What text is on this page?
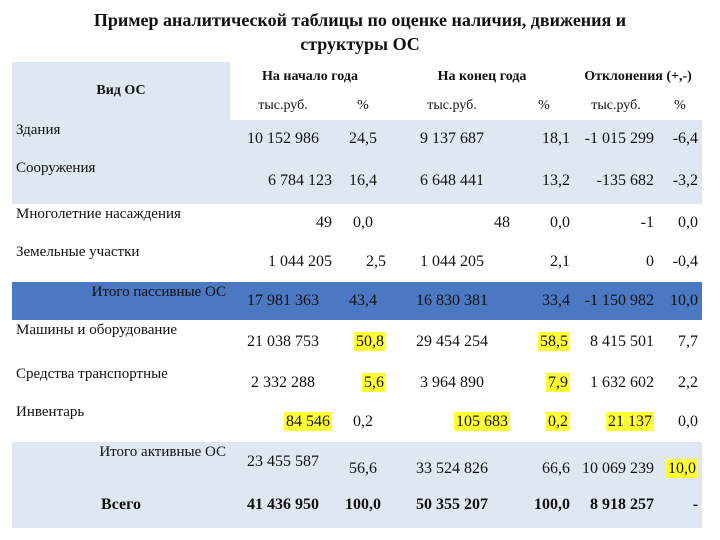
Пример аналитической таблицы по оценке наличия, движения и
структуры ОС
Вид ОС	На начало года		На конец года		Отклонения (+,-)	
	тыс.руб.	%	тыс.руб.	%	тыс.руб.	%
Здания	10 152 986	24,5	9 137 687	18,1	-1 015 299	-6,4
Сооружения	6 784 123	16,4	6 648 441	13,2	-135 682	-3,2
Многолетние насаждения	49	0,0	48	0,0	-1	0,0
Земельные участки	1 044 205	2,5	1 044 205	2,1	0	-0,4
Итого пассивные ОС	17 981 363	43,4	16 830 381	33,4	-1 150 982	10,0
Машины и оборудование	21 038 753	50,8	29 454 254	58,5	8 415 501	7,7
Средства транспортные	2 332 288	5,6	3 964 890	7,9	1 632 602	2,2
Инвентарь	84 546	0,2	105 683	0,2	21 137	0,0
Итого активные ОС	23 455 587	56,6	33 524 826	66,6	10 069 239	10,0
Всего	41 436 950	100,0	50 355 207	100,0	8 918 257	-
